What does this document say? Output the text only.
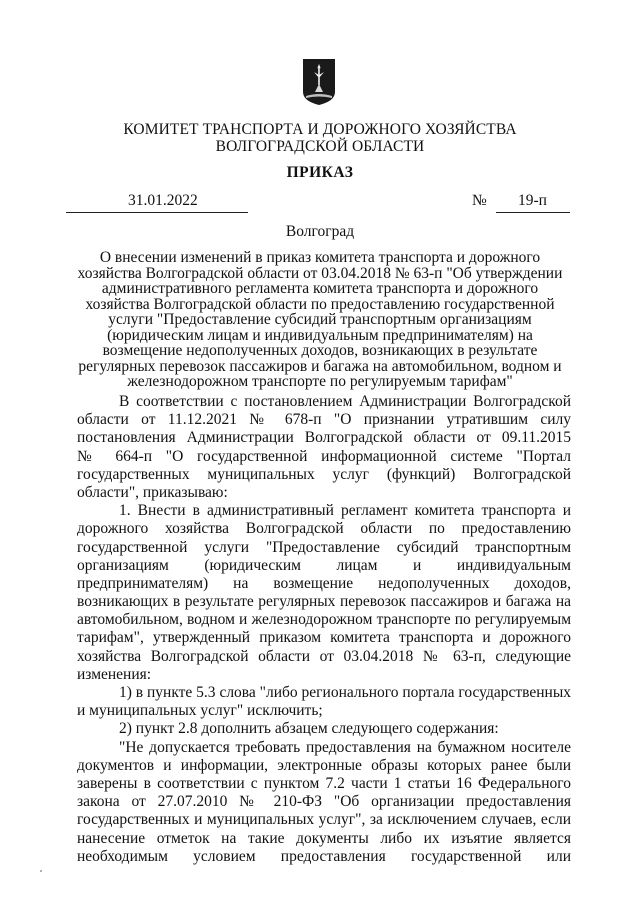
КОМИТЕТ ТРАНСПОРТА И ДОРОЖНОГО ХОЗЯЙСТВА
ВОЛГОГРАДСКОЙ ОБЛАСТИ
ПРИКАЗ
31.01.2022	№ 19-п
Волгоград
О внесении изменений в приказ комитета транспорта и дорожного
хозяйства Волгоградской области от 03.04.2018 № 63-п "Об утверждении
административного регламента комитета транспорта и дорожного
хозяйства Волгоградской области по предоставлению государственной
услуги "Предоставление субсидий транспортным организациям
(юридическим лицам и индивидуальным предпринимателям) на
возмещение недополученных доходов, возникающих в результате
регулярных перевозок пассажиров и багажа на автомобильном, водном и
железнодорожном транспорте по регулируемым тарифам"

В соответствии с постановлением Администрации Волгоградской
области от 11.12.2021 № 678-п "О признании утратившим силу
постановления Администрации Волгоградской области от 09.11.2015
№ 664-п "О государственной информационной системе "Портал
государственных муниципальных услуг (функций) Волгоградской
области", приказываю:

1. Внести в административный регламент комитета транспорта и
дорожного хозяйства Волгоградской области по предоставлению
государственной услуги "Предоставление субсидий транспортным
организациям (юридическим лицам и индивидуальным
предпринимателям) на возмещение недополученных доходов,
возникающих в результате регулярных перевозок пассажиров и багажа на
автомобильном, водном и железнодорожном транспорте по регулируемым
тарифам", утвержденный приказом комитета транспорта и дорожного
хозяйства Волгоградской области от 03.04.2018 № 63-п, следующие
изменения:

1) в пункте 5.3 слова "либо регионального портала государственных
и муниципальных услуг" исключить;

2) пункт 2.8 дополнить абзацем следующего содержания:

"Не допускается требовать предоставления на бумажном носителе
документов и информации, электронные образы которых ранее были
заверены в соответствии с пунктом 7.2 части 1 статьи 16 Федерального
закона от 27.07.2010 № 210-ФЗ "Об организации предоставления
государственных и муниципальных услуг", за исключением случаев, если
нанесение отметок на такие документы либо их изъятие является
необходимым условием предоставления государственной или
